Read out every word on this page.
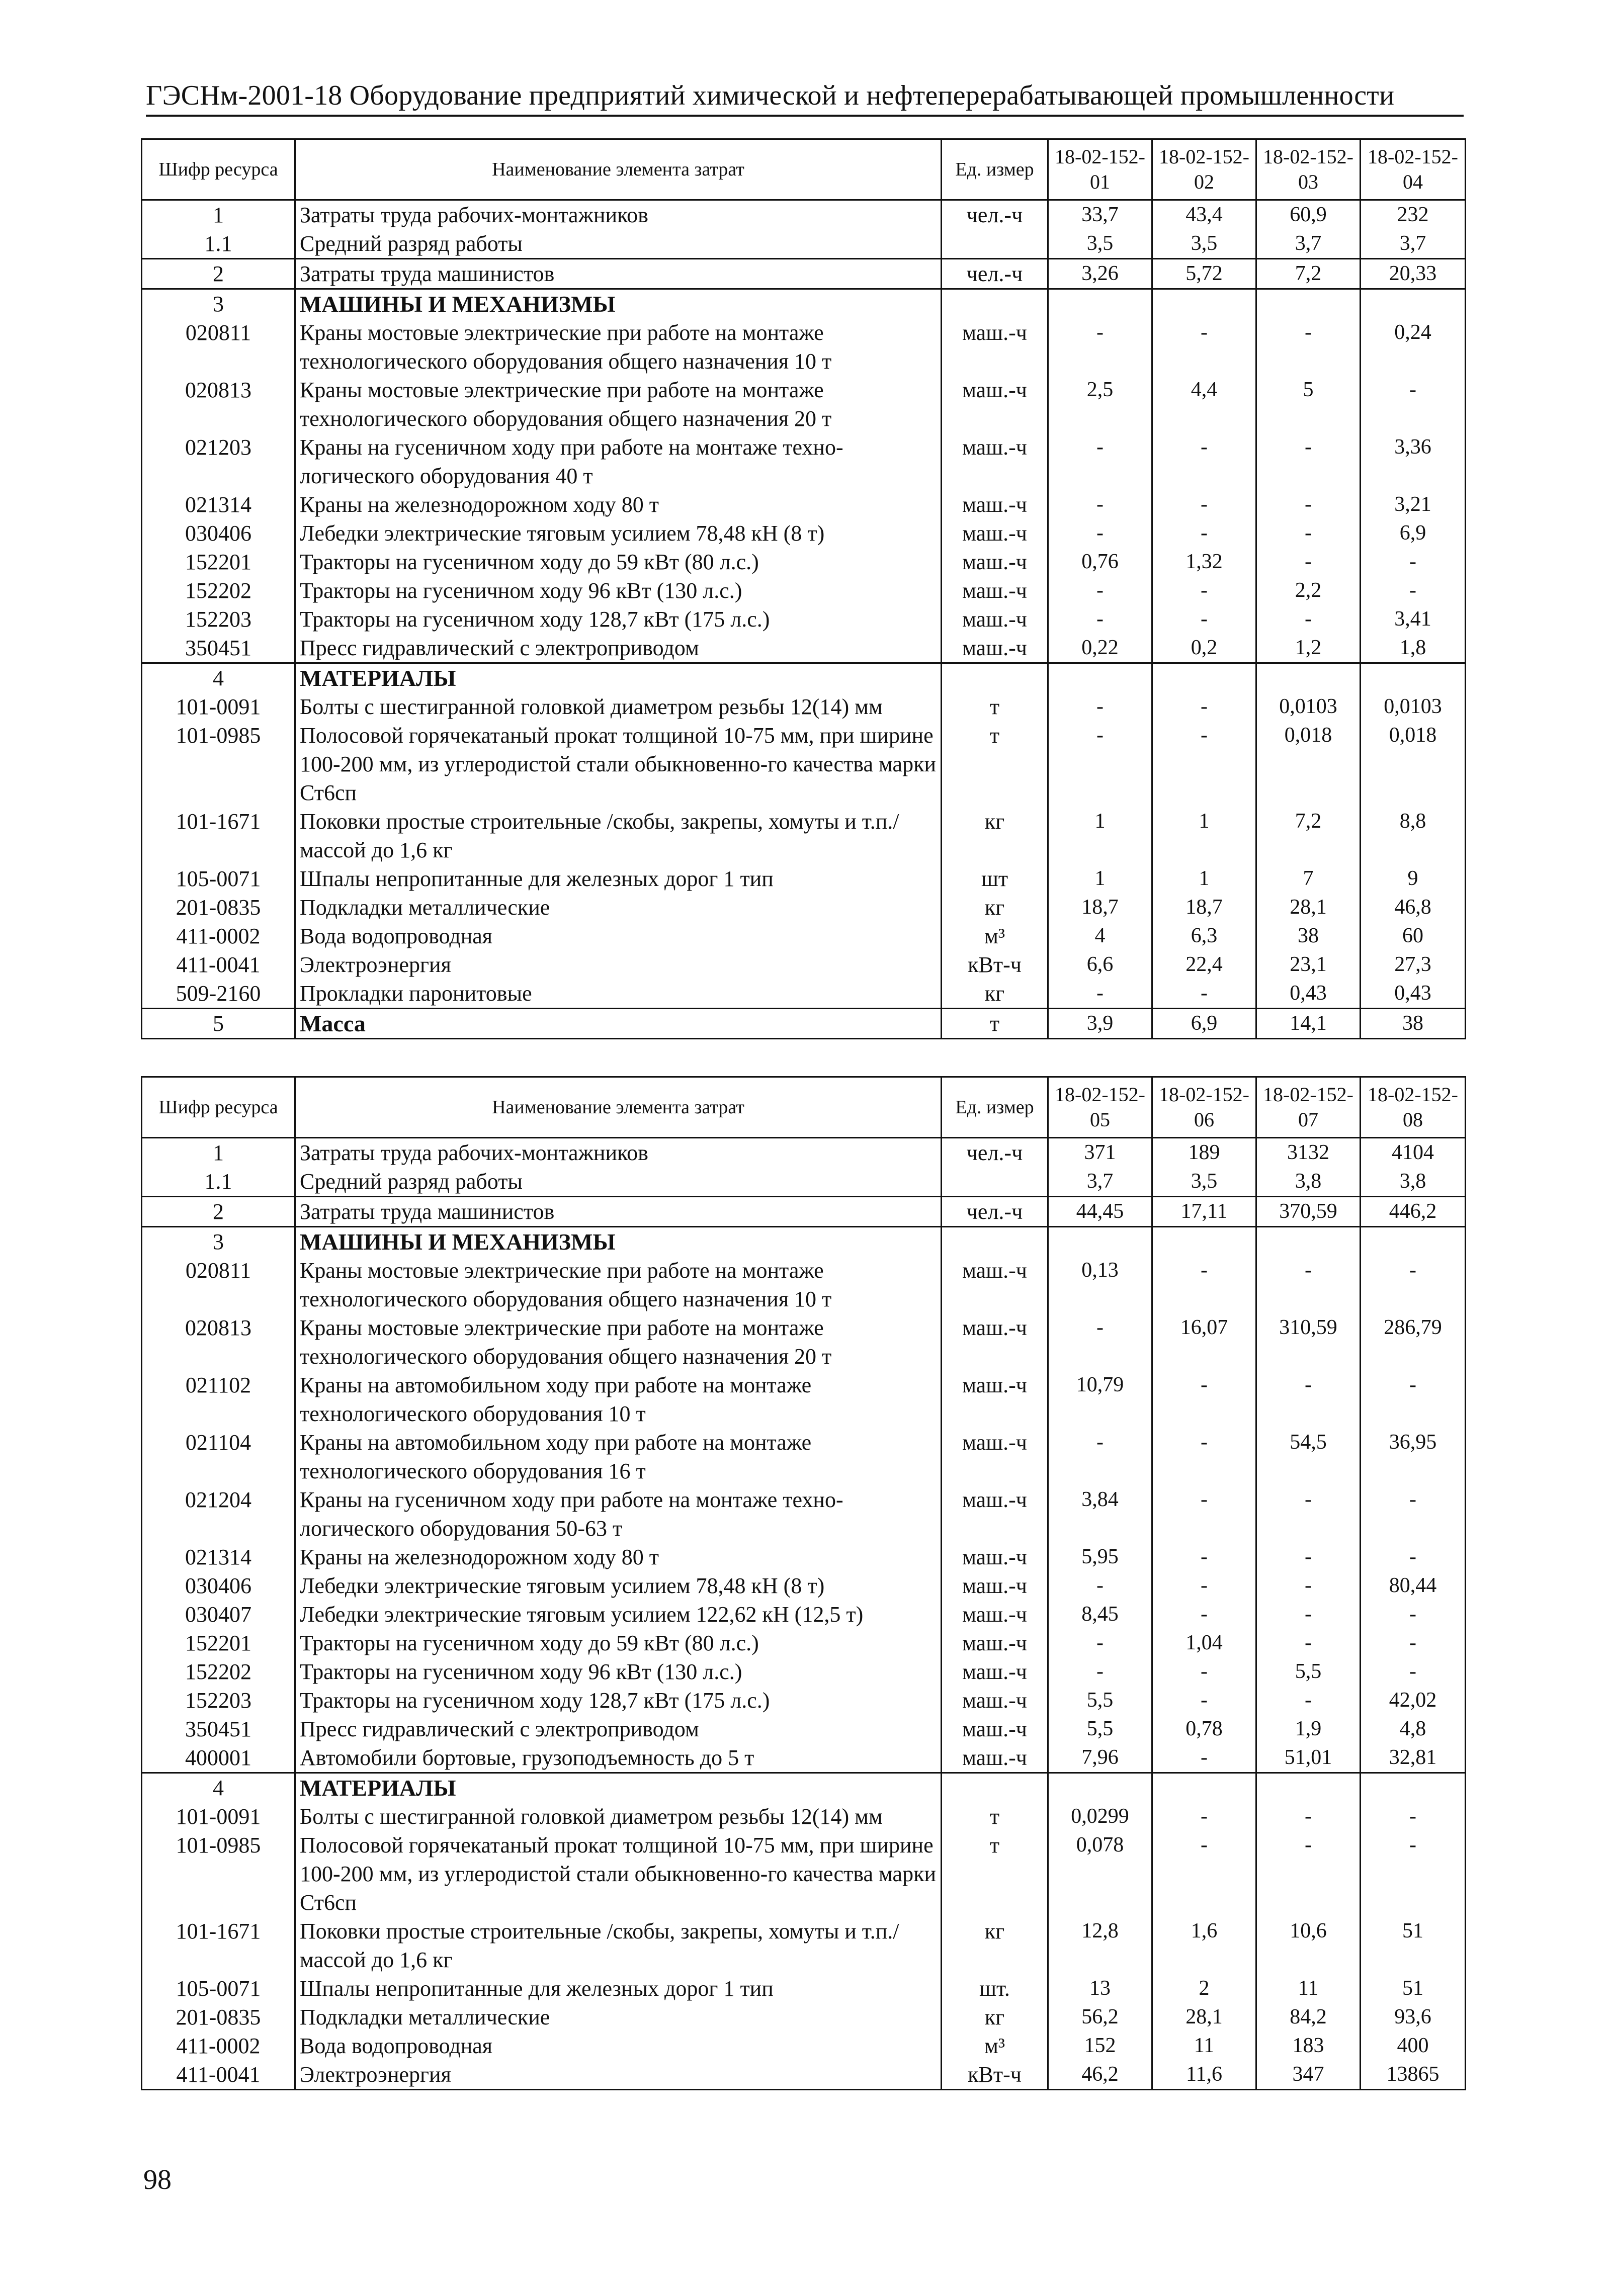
ГЭСНм-2001-18 Оборудование предприятий химической и нефтеперерабатывающей промышленности
Шифр ресурса	Наименование элемента затрат	Ед. измер	18-02-152-01	18-02-152-02	18-02-152-03	18-02-152-04
1	Затраты труда рабочих-монтажников	чел.-ч	33,7	43,4	60,9	232
1.1	Средний разряд работы		3,5	3,5	3,7	3,7
2	Затраты труда машинистов	чел.-ч	3,26	5,72	7,2	20,33
3	МАШИНЫ И МЕХАНИЗМЫ					
020811	Краны мостовые электрические при работе на монтаже технологического оборудования общего назначения 10 т	маш.-ч	-	-	-	0,24
020813	Краны мостовые электрические при работе на монтаже технологического оборудования общего назначения 20 т	маш.-ч	2,5	4,4	5	-
021203	Краны на гусеничном ходу при работе на монтаже техно-логического оборудования 40 т	маш.-ч	-	-	-	3,36
021314	Краны на железнодорожном ходу 80 т	маш.-ч	-	-	-	3,21
030406	Лебедки электрические тяговым усилием 78,48 кН (8 т)	маш.-ч	-	-	-	6,9
152201	Тракторы на гусеничном ходу до 59 кВт (80 л.с.)	маш.-ч	0,76	1,32	-	-
152202	Тракторы на гусеничном ходу 96 кВт (130 л.с.)	маш.-ч	-	-	2,2	-
152203	Тракторы на гусеничном ходу 128,7 кВт (175 л.с.)	маш.-ч	-	-	-	3,41
350451	Пресс гидравлический с электроприводом	маш.-ч	0,22	0,2	1,2	1,8
4	МАТЕРИАЛЫ					
101-0091	Болты с шестигранной головкой диаметром резьбы 12(14) мм	т	-	-	0,0103	0,0103
101-0985	Полосовой горячекатаный прокат толщиной 10-75 мм, при ширине 100-200 мм, из углеродистой стали обыкновенно-го качества марки Ст6сп	т	-	-	0,018	0,018
101-1671	Поковки простые строительные /скобы, закрепы, хомуты и т.п./ массой до 1,6 кг	кг	1	1	7,2	8,8
105-0071	Шпалы непропитанные для железных дорог 1 тип	шт	1	1	7	9
201-0835	Подкладки металлические	кг	18,7	18,7	28,1	46,8
411-0002	Вода водопроводная	м³	4	6,3	38	60
411-0041	Электроэнергия	кВт-ч	6,6	22,4	23,1	27,3
509-2160	Прокладки паронитовые	кг	-	-	0,43	0,43
5	Масса	т	3,9	6,9	14,1	38
Шифр ресурса	Наименование элемента затрат	Ед. измер	18-02-152-05	18-02-152-06	18-02-152-07	18-02-152-08
1	Затраты труда рабочих-монтажников	чел.-ч	371	189	3132	4104
1.1	Средний разряд работы		3,7	3,5	3,8	3,8
2	Затраты труда машинистов	чел.-ч	44,45	17,11	370,59	446,2
3	МАШИНЫ И МЕХАНИЗМЫ					
020811	Краны мостовые электрические при работе на монтаже технологического оборудования общего назначения 10 т	маш.-ч	0,13	-	-	-
020813	Краны мостовые электрические при работе на монтаже технологического оборудования общего назначения 20 т	маш.-ч	-	16,07	310,59	286,79
021102	Краны на автомобильном ходу при работе на монтаже технологического оборудования 10 т	маш.-ч	10,79	-	-	-
021104	Краны на автомобильном ходу при работе на монтаже технологического оборудования 16 т	маш.-ч	-	-	54,5	36,95
021204	Краны на гусеничном ходу при работе на монтаже техно-логического оборудования 50-63 т	маш.-ч	3,84	-	-	-
021314	Краны на железнодорожном ходу 80 т	маш.-ч	5,95	-	-	-
030406	Лебедки электрические тяговым усилием 78,48 кН (8 т)	маш.-ч	-	-	-	80,44
030407	Лебедки электрические тяговым усилием 122,62 кН (12,5 т)	маш.-ч	8,45	-	-	-
152201	Тракторы на гусеничном ходу до 59 кВт (80 л.с.)	маш.-ч	-	1,04	-	-
152202	Тракторы на гусеничном ходу 96 кВт (130 л.с.)	маш.-ч	-	-	5,5	-
152203	Тракторы на гусеничном ходу 128,7 кВт (175 л.с.)	маш.-ч	5,5	-	-	42,02
350451	Пресс гидравлический с электроприводом	маш.-ч	5,5	0,78	1,9	4,8
400001	Автомобили бортовые, грузоподъемность до 5 т	маш.-ч	7,96	-	51,01	32,81
4	МАТЕРИАЛЫ					
101-0091	Болты с шестигранной головкой диаметром резьбы 12(14) мм	т	0,0299	-	-	-
101-0985	Полосовой горячекатаный прокат толщиной 10-75 мм, при ширине 100-200 мм, из углеродистой стали обыкновенно-го качества марки Ст6сп	т	0,078	-	-	-
101-1671	Поковки простые строительные /скобы, закрепы, хомуты и т.п./ массой до 1,6 кг	кг	12,8	1,6	10,6	51
105-0071	Шпалы непропитанные для железных дорог 1 тип	шт.	13	2	11	51
201-0835	Подкладки металлические	кг	56,2	28,1	84,2	93,6
411-0002	Вода водопроводная	м³	152	11	183	400
411-0041	Электроэнергия	кВт-ч	46,2	11,6	347	13865
98
